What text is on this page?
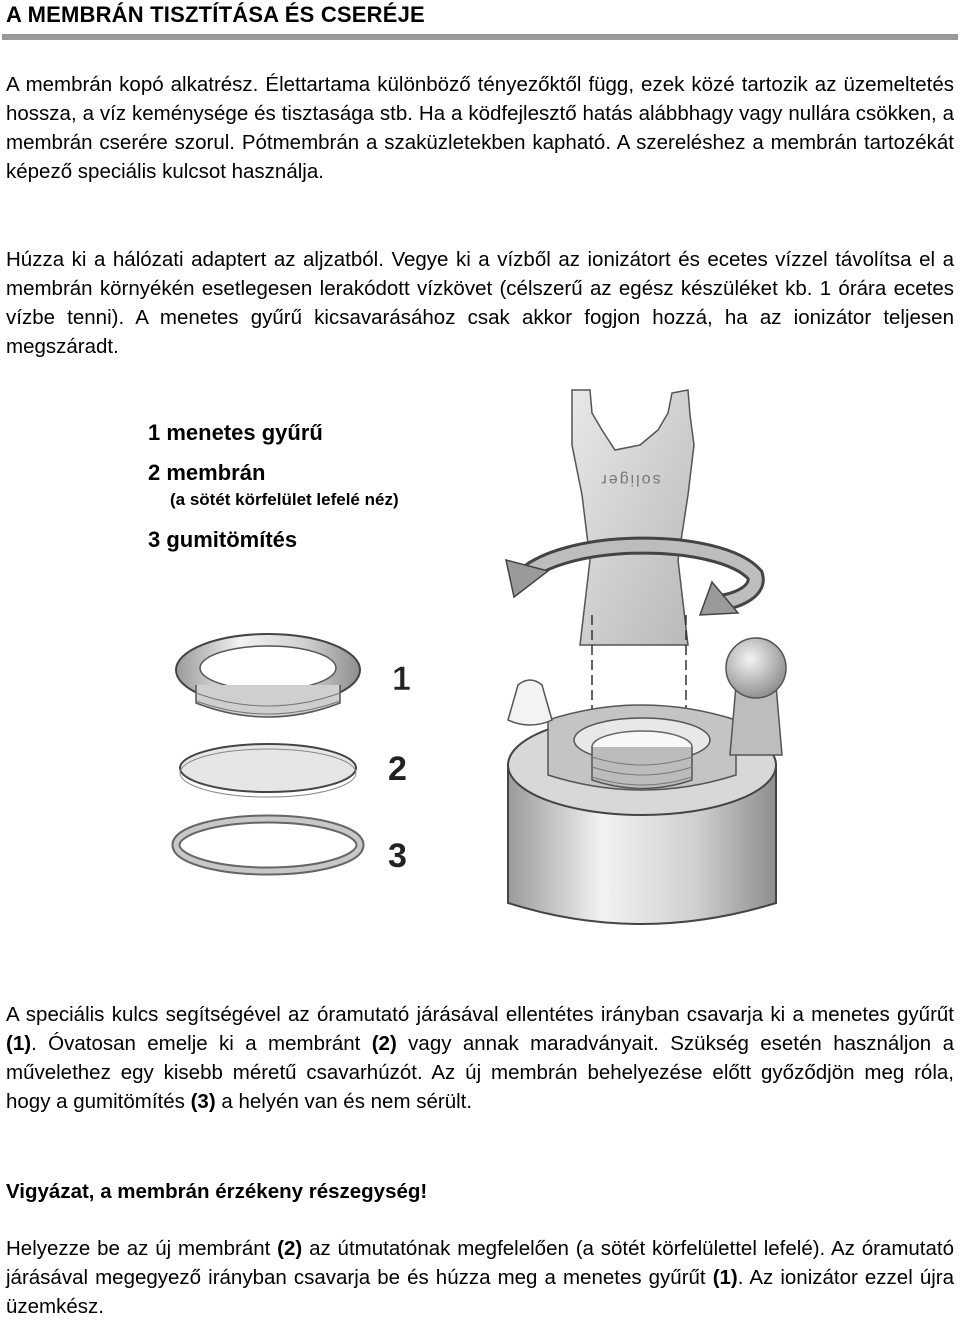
A MEMBRÁN TISZTÍTÁSA ÉS CSERÉJE
A membrán kopó alkatrész. Élettartama különböző tényezőktől függ, ezek közé tartozik az üzemeltetés hossza, a víz keménysége és tisztasága stb. Ha a ködfejlesztő hatás alábbhagy vagy nullára csökken, a membrán cserére szorul. Pótmembrán a szaküzletekben kapható. A szereléshez a membrán tartozékát képező speciális kulcsot használja.
Húzza ki a hálózati adaptert az aljzatból. Vegye ki a vízből az ionizátort és ecetes vízzel távolítsa el a membrán környékén esetlegesen lerakódott vízkövet (célszerű az egész készüléket kb. 1 órára ecetes vízbe tenni). A menetes gyűrű kicsavarásához csak akkor fogjon hozzá, ha az ionizátor teljesen megszáradt.
1 menetes gyűrű
2 membrán
(a sötét körfelület lefelé néz)
3 gumitömítés
soliger
1
2
3
A speciális kulcs segítségével az óramutató járásával ellentétes irányban csavarja ki a menetes gyűrűt (1). Óvatosan emelje ki a membránt (2) vagy annak maradványait. Szükség esetén használjon a művelethez egy kisebb méretű csavarhúzót. Az új membrán behelyezése előtt győződjön meg róla, hogy a gumitömítés (3) a helyén van és nem sérült.
Vigyázat, a membrán érzékeny részegység!
Helyezze be az új membránt (2) az útmutatónak megfelelően (a sötét körfelülettel lefelé). Az óramutató járásával megegyező irányban csavarja be és húzza meg a menetes gyűrűt (1). Az ionizátor ezzel újra üzemkész.
